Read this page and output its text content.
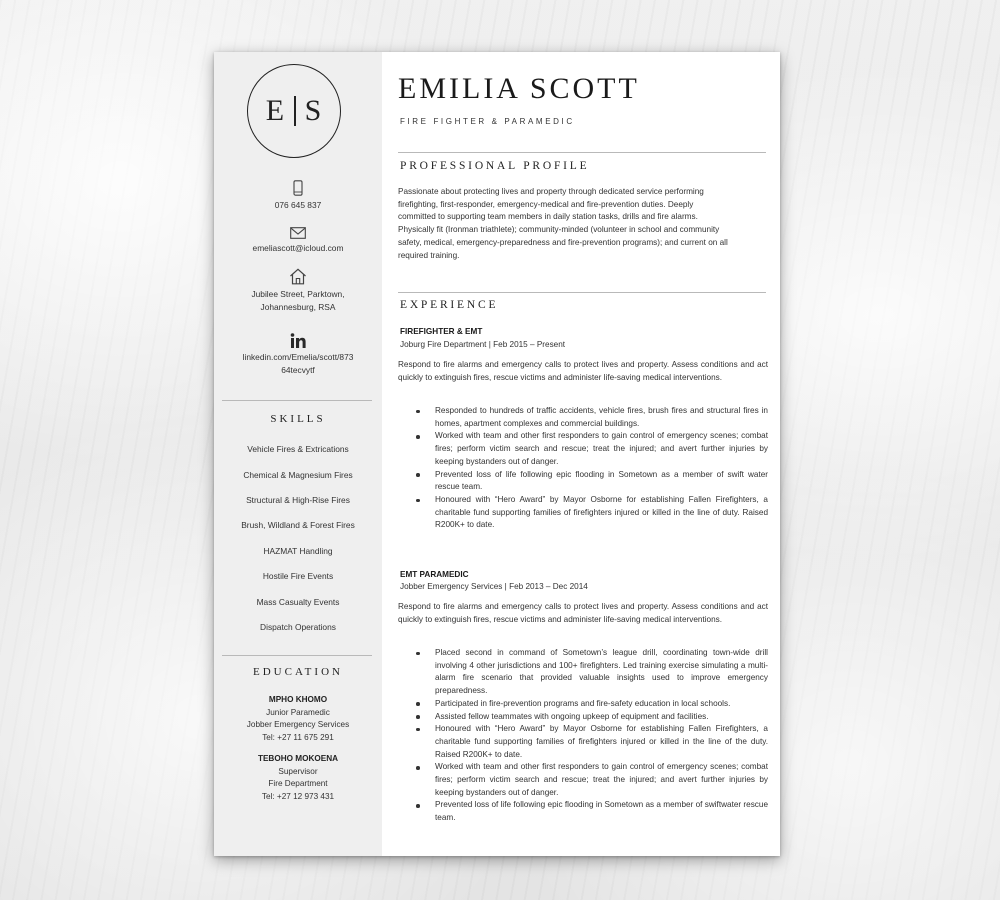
E S
076 645 837
emeliascott@icloud.com
Jubilee Street, Parktown,
Johannesburg, RSA
linkedin.com/Emelia/scott/873
64tecvytf
SKILLS
Vehicle Fires & Extrications
Chemical & Magnesium Fires
Structural & High-Rise Fires
Brush, Wildland & Forest Fires
HAZMAT Handling
Hostile Fire Events
Mass Casualty Events
Dispatch Operations
EDUCATION
MPHO KHOMO
Junior Paramedic
Jobber Emergency Services
Tel: +27 11 675 291
TEBOHO MOKOENA
Supervisor
Fire Department
Tel: +27 12 973 431
EMILIA SCOTT
FIRE FIGHTER & PARAMEDIC
PROFESSIONAL PROFILE
Passionate about protecting lives and property through dedicated service performing
firefighting, first-responder, emergency-medical and fire-prevention duties. Deeply
committed to supporting team members in daily station tasks, drills and fire alarms.
Physically fit (Ironman triathlete); community-minded (volunteer in school and community
safety, medical, emergency-preparedness and fire-prevention programs); and current on all
required training.
EXPERIENCE
FIREFIGHTER & EMT
Joburg Fire Department | Feb 2015 – Present
Respond to fire alarms and emergency calls to protect lives and property. Assess conditions and act quickly to extinguish fires, rescue victims and administer life-saving medical interventions.
Responded to hundreds of traffic accidents, vehicle fires, brush fires and structural fires in homes, apartment complexes and commercial buildings.
Worked with team and other first responders to gain control of emergency scenes; combat fires; perform victim search and rescue; treat the injured; and avert further injuries by keeping bystanders out of danger.
Prevented loss of life following epic flooding in Sometown as a member of swift water rescue team.
Honoured with “Hero Award” by Mayor Osborne for establishing Fallen Firefighters, a charitable fund supporting families of firefighters injured or killed in the line of duty. Raised R200K+ to date.
EMT PARAMEDIC
Jobber Emergency Services | Feb 2013 – Dec 2014
Respond to fire alarms and emergency calls to protect lives and property. Assess conditions and act quickly to extinguish fires, rescue victims and administer life-saving medical interventions.
Placed second in command of Sometown’s league drill, coordinating town-wide drill involving 4 other jurisdictions and 100+ firefighters. Led training exercise simulating a multi-alarm fire scenario that provided valuable insights used to improve emergency preparedness.
Participated in fire-prevention programs and fire-safety education in local schools.
Assisted fellow teammates with ongoing upkeep of equipment and facilities.
Honoured with “Hero Award” by Mayor Osborne for establishing Fallen Firefighters, a charitable fund supporting families of firefighters injured or killed in the line of the duty. Raised R200K+ to date.
Worked with team and other first responders to gain control of emergency scenes; combat fires; perform victim search and rescue; treat the injured; and avert further injuries by keeping bystanders out of danger.
Prevented loss of life following epic flooding in Sometown as a member of swiftwater rescue team.
